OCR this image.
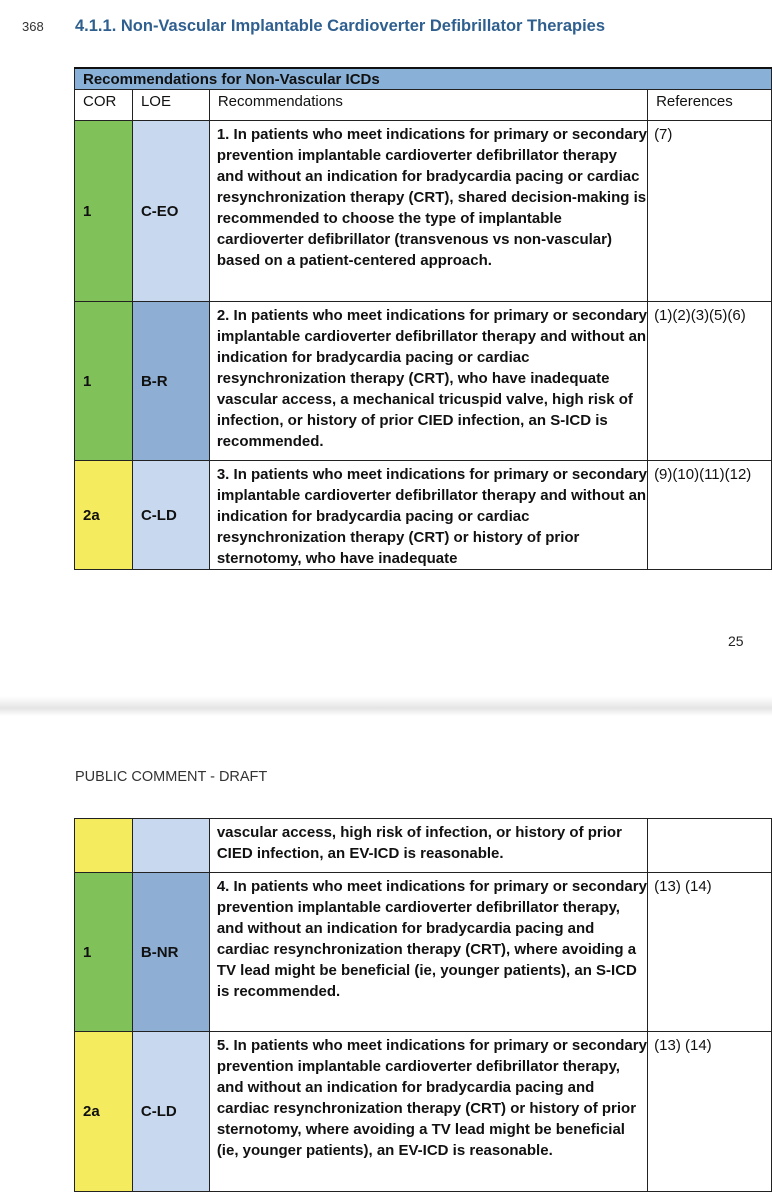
368 4.1.1. Non-Vascular Implantable Cardioverter Defibrillator Therapies
Recommendations for Non-Vascular ICDs			
COR	LOE	Recommendations	References
1	C-EO	1. In patients who meet indications for primary or secondary prevention implantable cardioverter defibrillator therapy and without an indication for bradycardia pacing or cardiac resynchronization therapy (CRT), shared decision-making is recommended to choose the type of implantable cardioverter defibrillator (transvenous vs non-vascular) based on a patient-centered approach.	(7)
1	B-R	2. In patients who meet indications for primary or secondary implantable cardioverter defibrillator therapy and without an indication for bradycardia pacing or cardiac resynchronization therapy (CRT), who have inadequate vascular access, a mechanical tricuspid valve, high risk of infection, or history of prior CIED infection, an S-ICD is recommended.	(1)(2)(3)(5)(6)
2a	C-LD	3. In patients who meet indications for primary or secondary implantable cardioverter defibrillator therapy and without an indication for bradycardia pacing or cardiac resynchronization therapy (CRT) or history of prior sternotomy, who have inadequate	(9)(10)(11)(12)
25
PUBLIC COMMENT - DRAFT
		vascular access, high risk of infection, or history of prior CIED infection, an EV-ICD is reasonable.	
1	B-NR	4. In patients who meet indications for primary or secondary prevention implantable cardioverter defibrillator therapy, and without an indication for bradycardia pacing and cardiac resynchronization therapy (CRT), where avoiding a TV lead might be beneficial (ie, younger patients), an S-ICD is recommended.	(13) (14)
2a	C-LD	5. In patients who meet indications for primary or secondary prevention implantable cardioverter defibrillator therapy, and without an indication for bradycardia pacing and cardiac resynchronization therapy (CRT) or history of prior sternotomy, where avoiding a TV lead might be beneficial (ie, younger patients), an EV-ICD is reasonable.	(13) (14)
